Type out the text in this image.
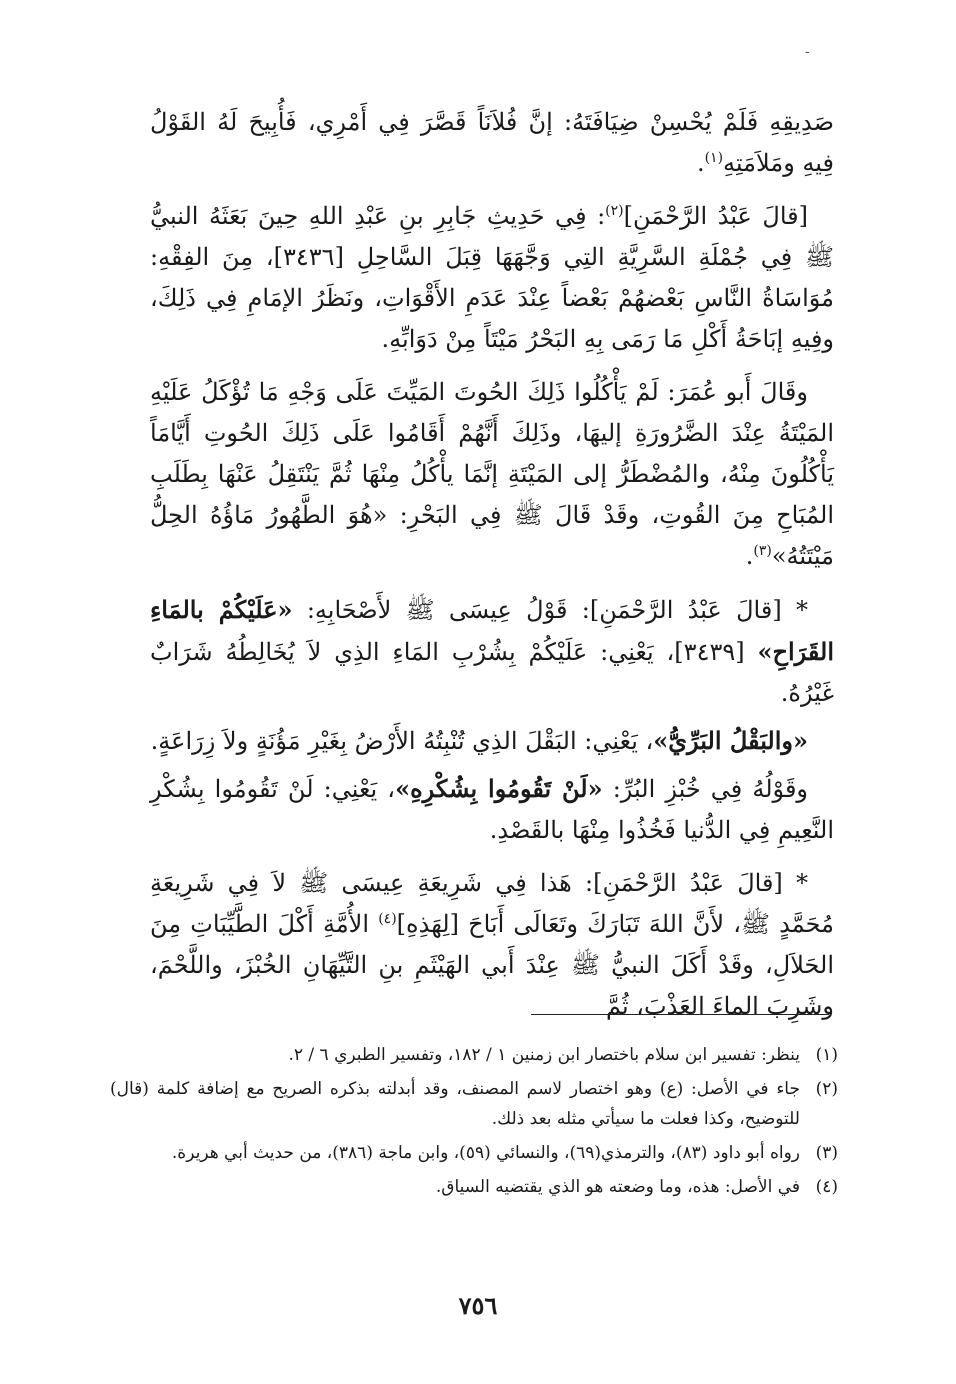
-

صَدِيقِهِ فَلَمْ يُحْسِنْ ضِيَافَتَهُ: إنَّ فُلاَنَاً قَصَّرَ فِي أَمْرِي، فَأُبِيحَ لَهُ القَوْلُ فِيهِ ومَلاَمَتِهِ$^{(١)}$.

[قالَ عَبْدُ الرَّحْمَنِ]$^{(٢)}$: فِي حَدِيثِ جَابِرِ بنِ عَبْدِ اللهِ حِينَ بَعَثَهُ النبيُّ ﷺ فِي جُمْلَةِ السَّرِيَّةِ التِي وَجَّهَهَا قِبَلَ السَّاحِلِ [٣٤٣٦]، مِنَ الفِقْهِ: مُوَاسَاةُ النَّاسِ بَعْضهُمْ بَعْضاً عِنْدَ عَدَمِ الأَقْوَاتِ، ونَظَرُ الإمَامِ فِي ذَلِكَ، وفِيهِ إبَاحَةُ أَكْلِ مَا رَمَى بِهِ البَحْرُ مَيْتَاً مِنْ دَوَابِّهِ.

وقَالَ أَبو عُمَرَ: لَمْ يَأْكُلُوا ذَلِكَ الحُوتَ المَيِّتَ عَلَى وَجْهِ مَا تُؤْكَلُ عَلَيْهِ المَيْتَةُ عِنْدَ الضَّرُورَةِ إليهَا، وذَلِكَ أَنَّهُمْ أَقَامُوا عَلَى ذَلِكَ الحُوتِ أَيَّامَاً يَأْكُلُونَ مِنْهُ، والمُضْطَرُّ إلى المَيْتَةِ إنَّمَا يأْكُلُ مِنْهَا ثُمَّ يَنْتَقِلُ عَنْهَا بِطَلَبِ المُبَاحِ مِنَ القُوتِ، وقَدْ قَالَ ﷺ فِي البَحْرِ: «هُوَ الطَّهُورُ مَاؤُهُ الحِلُّ مَيْتَتُهُ»$^{(٣)}$.

* [قالَ عَبْدُ الرَّحْمَنِ]: قَوْلُ عِيسَى ﷺ لأَصْحَابِهِ: «عَلَيْكُمْ بالمَاءِ القَرَاحِ» [٣٤٣٩]، يَعْنِي: عَلَيْكُمْ بِشُرْبِ المَاءِ الذِي لاَ يُخَالِطُهُ شَرَابٌ غَيْرُهُ.

«والبَقْلُ البَرِّيُّ»، يَعْنِي: البَقْلَ الذِي تُنْبِتُهُ الأَرْضُ بِغَيْرِ مَؤُنَةٍ ولاَ زِرَاعَةٍ.

وقَوْلُهُ فِي خُبْزِ البُرِّ: «لَنْ تَقُومُوا بِشُكْرِهِ»، يَعْنِي: لَنْ تَقُومُوا بِشُكْرِ النَّعِيمِ فِي الدُّنيا فَخُذُوا مِنْهَا بالقَصْدِ.

* [قالَ عَبْدُ الرَّحْمَنِ]: هَذا فِي شَرِيعَةِ عِيسَى ﷺ لاَ فِي شَرِيعَةِ مُحَمَّدٍ ﷺ، لأَنَّ اللهَ تَبَارَكَ وتَعَالَى أَبَاحَ [لِهَذِهِ]$^{(٤)}$ الأُمَّةِ أَكْلَ الطَّيِّبَاتِ مِنَ الحَلاَلِ، وقَدْ أَكَلَ النبيُّ ﷺ عِنْدَ أَبي الهَيْثَمِ بنِ التَّيِّهَانِ الخُبْزَ، واللَّحْمَ، وشَرِبَ الماءَ العَذْبَ، ثُمَّ

(١)
ينظر: تفسير ابن سلام باختصار ابن زمنين ١ / ١٨٢، وتفسير الطبري ٦ / ٢.
(٢)
جاء في الأصل: (ع) وهو اختصار لاسم المصنف، وقد أبدلته بذكره الصريح مع إضافة كلمة (قال) للتوضيح، وكذا فعلت ما سيأتي مثله بعد ذلك.
(٣)
رواه أبو داود (٨٣)، والترمذي(٦٩)، والنسائي (٥٩)، وابن ماجة (٣٨٦)، من حديث أبي هريرة.
(٤)
في الأصل: هذه، وما وضعته هو الذي يقتضيه السياق.
٧٥٦
